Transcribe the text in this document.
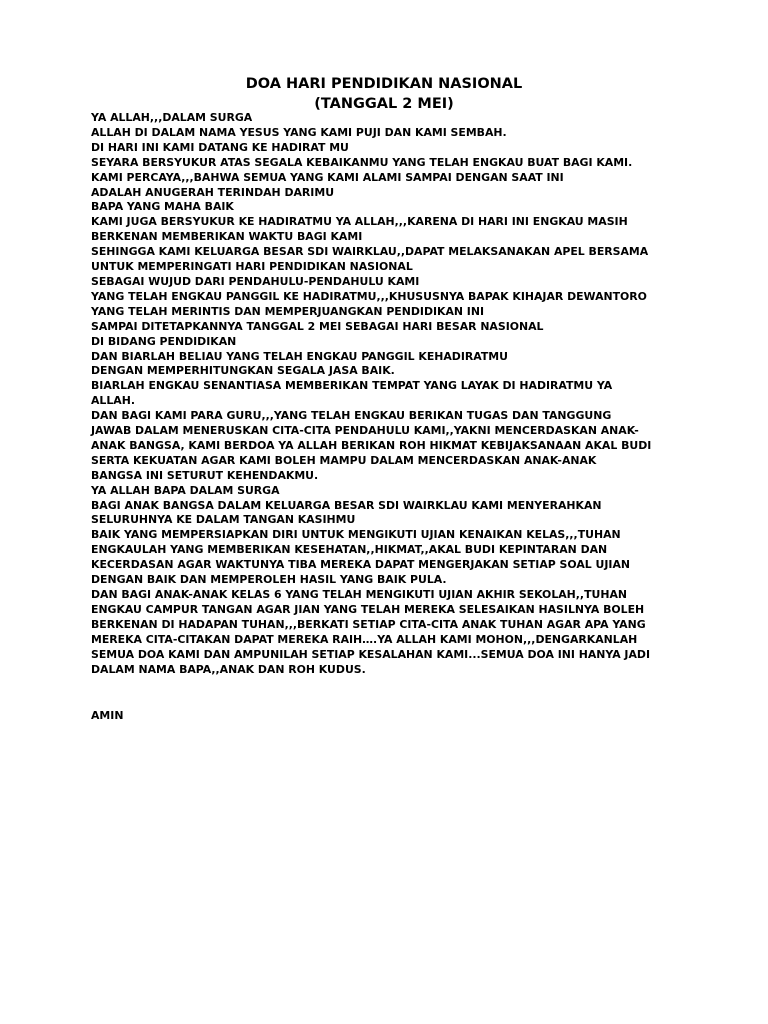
DOA HARI PENDIDIKAN NASIONAL
(TANGGAL 2 MEI)
YA ALLAH,,,DALAM SURGA
ALLAH DI DALAM NAMA YESUS YANG KAMI PUJI DAN KAMI SEMBAH.
DI HARI INI KAMI DATANG KE HADIRAT MU
SEYARA BERSYUKUR ATAS SEGALA KEBAIKANMU YANG TELAH ENGKAU BUAT BAGI KAMI.
KAMI PERCAYA,,,BAHWA SEMUA YANG KAMI ALAMI SAMPAI DENGAN SAAT INI
ADALAH ANUGERAH TERINDAH DARIMU
BAPA YANG MAHA BAIK
KAMI JUGA BERSYUKUR KE HADIRATMU YA ALLAH,,,KARENA DI HARI INI ENGKAU MASIH
BERKENAN MEMBERIKAN WAKTU BAGI KAMI
SEHINGGA KAMI KELUARGA BESAR SDI WAIRKLAU,,DAPAT MELAKSANAKAN APEL BERSAMA
UNTUK MEMPERINGATI HARI PENDIDIKAN NASIONAL
SEBAGAI WUJUD DARI PENDAHULU-PENDAHULU KAMI
YANG TELAH ENGKAU PANGGIL KE HADIRATMU,,,KHUSUSNYA BAPAK KIHAJAR DEWANTORO
YANG TELAH MERINTIS DAN MEMPERJUANGKAN PENDIDIKAN INI
SAMPAI DITETAPKANNYA TANGGAL 2 MEI SEBAGAI HARI BESAR NASIONAL
DI BIDANG PENDIDIKAN
DAN BIARLAH BELIAU YANG TELAH ENGKAU PANGGIL KEHADIRATMU
DENGAN MEMPERHITUNGKAN SEGALA JASA BAIK.
BIARLAH ENGKAU SENANTIASA MEMBERIKAN TEMPAT YANG LAYAK DI HADIRATMU YA
ALLAH.
DAN BAGI KAMI PARA GURU,,,YANG TELAH ENGKAU BERIKAN TUGAS DAN TANGGUNG
JAWAB DALAM MENERUSKAN CITA-CITA PENDAHULU KAMI,,YAKNI MENCERDASKAN ANAK-
ANAK BANGSA, KAMI BERDOA YA ALLAH BERIKAN ROH HIKMAT KEBIJAKSANAAN AKAL BUDI
SERTA KEKUATAN AGAR KAMI BOLEH MAMPU DALAM MENCERDASKAN ANAK-ANAK
BANGSA INI SETURUT KEHENDAKMU.
YA ALLAH BAPA DALAM SURGA
BAGI ANAK BANGSA DALAM KELUARGA BESAR SDI WAIRKLAU KAMI MENYERAHKAN
SELURUHNYA KE DALAM TANGAN KASIHMU
BAIK YANG MEMPERSIAPKAN DIRI UNTUK MENGIKUTI UJIAN KENAIKAN KELAS,,,TUHAN
ENGKAULAH YANG MEMBERIKAN KESEHATAN,,HIKMAT,,AKAL BUDI KEPINTARAN DAN
KECERDASAN AGAR WAKTUNYA TIBA MEREKA DAPAT MENGERJAKAN SETIAP SOAL UJIAN
DENGAN BAIK DAN MEMPEROLEH HASIL YANG BAIK PULA.
DAN BAGI ANAK-ANAK KELAS 6 YANG TELAH MENGIKUTI UJIAN AKHIR SEKOLAH,,TUHAN
ENGKAU CAMPUR TANGAN AGAR JIAN YANG TELAH MEREKA SELESAIKAN HASILNYA BOLEH
BERKENAN DI HADAPAN TUHAN,,,BERKATI SETIAP CITA-CITA ANAK TUHAN AGAR APA YANG
MEREKA CITA-CITAKAN DAPAT MEREKA RAIH….YA ALLAH KAMI MOHON,,,DENGARKANLAH
SEMUA DOA KAMI DAN AMPUNILAH SETIAP KESALAHAN KAMI...SEMUA DOA INI HANYA JADI
DALAM NAMA BAPA,,ANAK DAN ROH KUDUS.
AMIN
